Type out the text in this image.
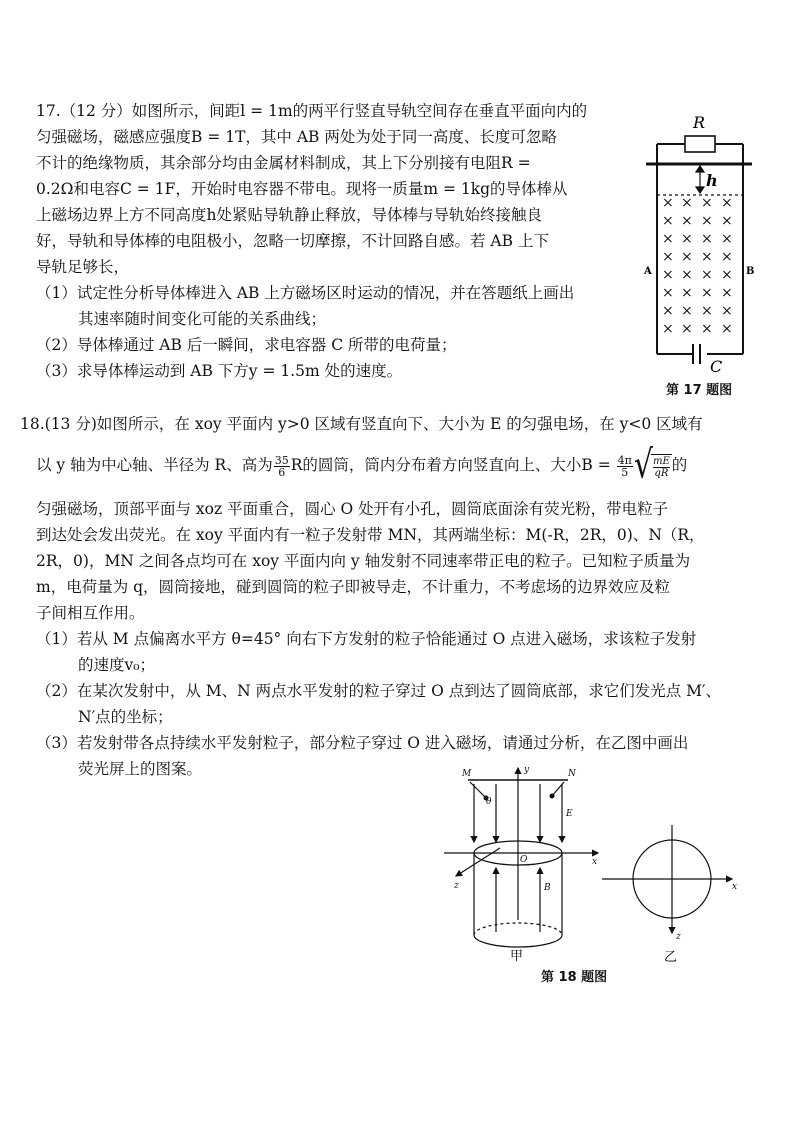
17.（12 分）如图所示，间距l = 1m的两平行竖直导轨空间存在垂直平面向内的

匀强磁场，磁感应强度B = 1T，其中 AB 两处为处于同一高度、长度可忽略

不计的绝缘物质，其余部分均由金属材料制成，其上下分别接有电阻R =

0.2Ω和电容C = 1F，开始时电容器不带电。现将一质量m = 1kg的导体棒从

上磁场边界上方不同高度h处紧贴导轨静止释放，导体棒与导轨始终接触良

好，导轨和导体棒的电阻极小，忽略一切摩擦，不计回路自感。若 AB 上下

导轨足够长，

（1）试定性分析导体棒进入 AB 上方磁场区时运动的情况，并在答题纸上画出

其速率随时间变化可能的关系曲线；

（2）导体棒通过 AB 后一瞬间，求电容器 C 所带的电荷量；

（3）求导体棒运动到 AB 下方y = 1.5m 处的速度。

R
h
A	B
C
× × × ×
× × × ×
× × × ×
× × × ×
× × × ×
× × × ×
× × × ×
× × × ×
第 17 题图

18.(13 分)如图所示，在 xoy 平面内 y>0 区域有竖直向下、大小为 E 的匀强电场，在 y<0 区域有

以 y 轴为中心轴、半径为 R、高为 $\frac{35}{6}$ R的圆筒，筒内分布着方向竖直向上、大小$B = \frac{4\pi}{5}$ √
$\frac{mE}{qR}$ 的

匀强磁场，顶部平面与 xoz 平面重合，圆心 O 处开有小孔，圆筒底面涂有荧光粉，带电粒子

到达处会发出荧光。在 xoy 平面内有一粒子发射带 MN，其两端坐标：M(-R，2R，0)、N（R，

2R，0)，MN 之间各点均可在 xoy 平面内向 y 轴发射不同速率带正电的粒子。已知粒子质量为

m，电荷量为 q，圆筒接地，碰到圆筒的粒子即被导走，不计重力，不考虑场的边界效应及粒

子间相互作用。

（1）若从 M 点偏离水平方 θ=45° 向右下方发射的粒子恰能通过 O 点进入磁场，求该粒子发射

的速度v₀；

（2）在某次发射中，从 M、N 两点水平发射的粒子穿过 O 点到达了圆筒底部，求它们发光点 M′、

N′点的坐标；

（3）若发射带各点持续水平发射粒子，部分粒子穿过 O 进入磁场，请通过分析，在乙图中画出

荧光屏上的图案。	M	N
θ
E
y
x
z
O
B
甲
x
z
乙
第 18 题图
